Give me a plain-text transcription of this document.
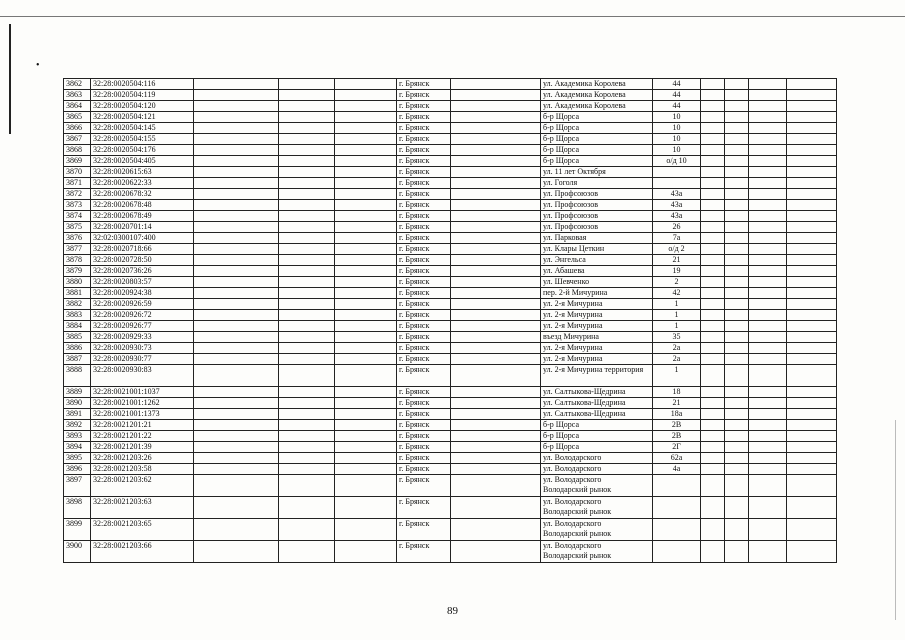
•
3862	32:28:0020504:116				г. Брянск		ул. Академика Королева	44				

3863	32:28:0020504:119				г. Брянск		ул. Академика Королева	44				

3864	32:28:0020504:120				г. Брянск		ул. Академика Королева	44				

3865	32:28:0020504:121				г. Брянск		б-р Щорса	10				

3866	32:28:0020504:145				г. Брянск		б-р Щорса	10				

3867	32:28:0020504:155				г. Брянск		б-р Щорса	10				

3868	32:28:0020504:176				г. Брянск		б-р Щорса	10				

3869	32:28:0020504:405				г. Брянск		б-р Щорса	о/д 10				

3870	32:28:0020615:63				г. Брянск		ул. 11 лет Октября					

3871	32:28:0020622:33				г. Брянск		ул. Гоголя					

3872	32:28:0020678:32				г. Брянск		ул. Профсоюзов	43а				

3873	32:28:0020678:48				г. Брянск		ул. Профсоюзов	43а				

3874	32:28:0020678:49				г. Брянск		ул. Профсоюзов	43а				

3875	32:28:0020701:14				г. Брянск		ул. Профсоюзов	26				

3876	32:02:0300107:400				г. Брянск		ул. Парковая	7а				

3877	32:28:0020718:66				г. Брянск		ул. Клары Цеткин	о/д 2				

3878	32:28:0020728:50				г. Брянск		ул. Энгельса	21				

3879	32:28:0020736:26				г. Брянск		ул. Абашева	19				

3880	32:28:0020803:57				г. Брянск		ул. Шевченко	2				

3881	32:28:0020924:38				г. Брянск		пер. 2-й Мичурина	42				

3882	32:28:0020926:59				г. Брянск		ул. 2-я Мичурина	1				

3883	32:28:0020926:72				г. Брянск		ул. 2-я Мичурина	1				

3884	32:28:0020926:77				г. Брянск		ул. 2-я Мичурина	1				

3885	32:28:0020929:33				г. Брянск		въезд Мичурина	35				

3886	32:28:0020930:73				г. Брянск		ул. 2-я Мичурина	2а				

3887	32:28:0020930:77				г. Брянск		ул. 2-я Мичурина	2а				

3888	32:28:0020930:83				г. Брянск		ул. 2-я Мичурина территория	1				

3889	32:28:0021001:1037				г. Брянск		ул. Салтыкова-Щедрина	18				

3890	32:28:0021001:1262				г. Брянск		ул. Салтыкова-Щедрина	21				

3891	32:28:0021001:1373				г. Брянск		ул. Салтыкова-Щедрина	18а				

3892	32:28:0021201:21				г. Брянск		б-р Щорса	2В				

3893	32:28:0021201:22				г. Брянск		б-р Щорса	2В				

3894	32:28:0021201:39				г. Брянск		б-р Щорса	2Г				

3895	32:28:0021203:26				г. Брянск		ул. Володарского	62а				

3896	32:28:0021203:58				г. Брянск		ул. Володарского	4а				

3897	32:28:0021203:62				г. Брянск		ул. Володарского
Володарский рынок					

3898	32:28:0021203:63				г. Брянск		ул. Володарского
Володарский рынок					

3899	32:28:0021203:65				г. Брянск		ул. Володарского
Володарский рынок					

3900	32:28:0021203:66				г. Брянск		ул. Володарского
Володарский рынок					

89
